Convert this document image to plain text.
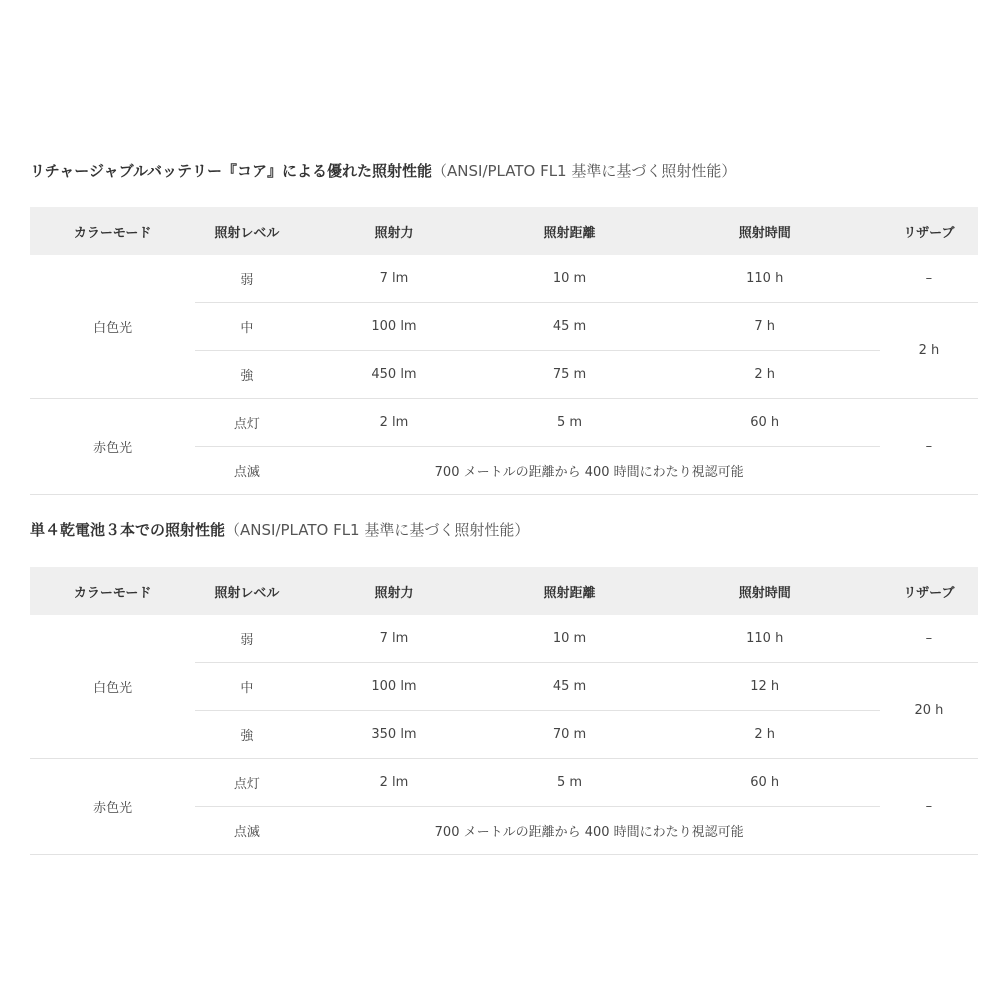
リチャージャブルバッテリー『コア』による優れた照射性能（ANSI/PLATO FL1 基準に基づく照射性能）
カラーモード	照射レベル	照射力	照射距離	照射時間	リザーブ
白色光	弱	7 lm	10 m	110 h	–
	中	100 lm	45 m	7 h	2 h
	強	450 lm	75 m	2 h	
赤色光	点灯	2 lm	5 m	60 h	–
	点滅	700 メートルの距離から 400 時間にわたり視認可能			
単４乾電池３本での照射性能（ANSI/PLATO FL1 基準に基づく照射性能）
カラーモード	照射レベル	照射力	照射距離	照射時間	リザーブ
白色光	弱	7 lm	10 m	110 h	–
	中	100 lm	45 m	12 h	20 h
	強	350 lm	70 m	2 h	
赤色光	点灯	2 lm	5 m	60 h	–
	点滅	700 メートルの距離から 400 時間にわたり視認可能			
